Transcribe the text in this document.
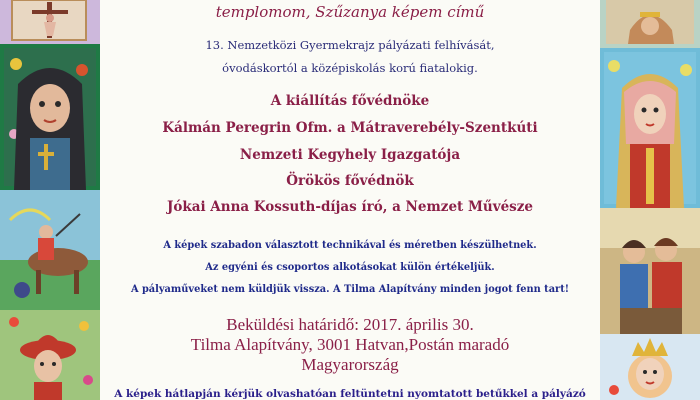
templomom, Szűzanya képem című
13. Nemzetközi Gyermekrajz pályázati felhívását,
óvodáskortól a középiskolás korú fiatalokig.
A kiállítás fővédnöke
Kálmán Peregrin Ofm. a Mátraverebély-Szentkúti
Nemzeti Kegyhely Igazgatója
Örökös fővédnök
Jókai Anna Kossuth-díjas író, a Nemzet Művésze
A képek szabadon választott technikával és méretben készülhetnek.
Az egyéni és csoportos alkotásokat külön értékeljük.
A pályaműveket nem küldjük vissza. A Tilma Alapítvány minden jogot fenn tart!
Beküldési határidő: 2017. április 30.
Tilma Alapítvány, 3001 Hatvan,Postán maradó
Magyarország
A képek hátlapján kérjük olvashatóan feltüntetni nyomtatott betűkkel a pályázó
